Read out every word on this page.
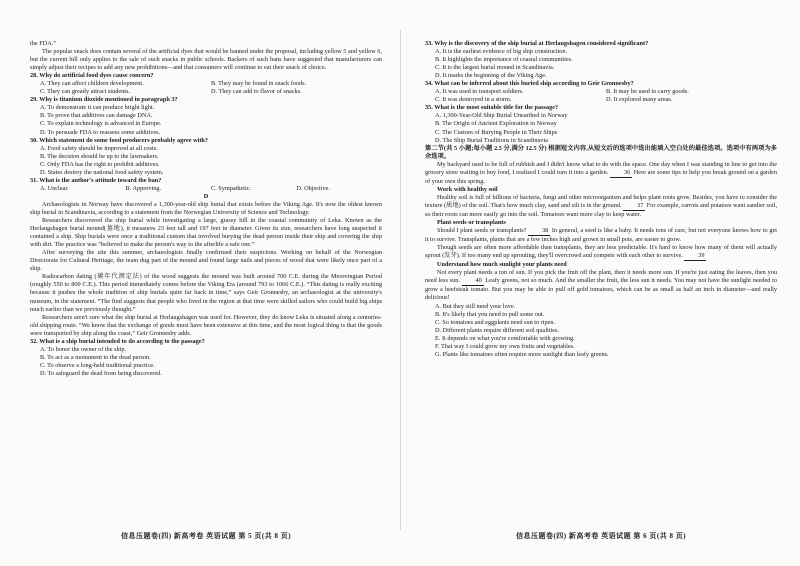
the FDA.”

The popular snack does contain several of the artificial dyes that would be banned under the proposal, including yellow 5 and yellow 6, but the current bill only applies to the sale of such snacks in public schools. Backers of such bans have suggested that manufacturers can simply adjust their recipes to add any new prohibitions—and that consumers will continue to eat their snack of choice.

28. Why do artificial food dyes cause concern?

A. They can affect children development.	B. They may be found in snack foods.
C. They can greatly attract students.	D. They can add to flavor of snacks.

29. Why is titanium dioxide mentioned in paragraph 3?

A. To demonstrate it can produce bright light.

B. To prove that additives can damage DNA.

C. To explain technology is advanced in Europe.

D. To persuade FDA to reassess some additives.

30. Which statement do some food producers probably agree with?

A. Food safety should be improved at all costs.

B. The decision should be up to the lawmakers.

C. Only FDA has the right to prohibit additives.

D. States destroy the national food safety system.

31. What is the author's attitude toward the ban?

A. Unclear.	B. Approving.	C. Sympathetic.	D. Objective.

D

Archaeologists in Norway have discovered a 1,300-year-old ship burial that exists before the Viking Age. It's now the oldest known ship burial in Scandinavia, according to a statement from the Norwegian University of Science and Technology.

Researchers discovered the ship burial while investigating a large, grassy hill in the coastal community of Leka. Known as the Herlaugshagen burial mound(墓地), it measures 23 feet tall and 197 feet in diameter. Given its size, researchers have long suspected it contained a ship. Ship burials were once a traditional custom that involved burying the dead person inside their ship and covering the ship with dirt. The practice was “believed to make the person's way to the afterlife a safe one.”

After surveying the site this summer, archaeologists finally confirmed their suspicions. Working on behalf of the Norwegian Directorate for Cultural Heritage, the team dug part of the mound and found large nails and pieces of wood that were likely once part of a ship.

Radiocarbon dating (碳年代测定法) of the wood suggests the mound was built around 700 C.E. during the Merovingian Period (roughly 550 to 800 C.E.). This period immediately comes before the Viking Era (around 793 to 1066 C.E.). “This dating is really exciting because it pushes the whole tradition of ship burials quite far back in time,” says Geir Gronnesby, an archaeologist at the university's museum, in the statement. “The find suggests that people who lived in the region at that time were skilled sailors who could build big ships much earlier than we previously thought.”

Researchers aren't sure what the ship burial at Herlaugshagen was used for. However, they do know Leka is situated along a centuries-old shipping route. “We know that the exchange of goods must have been extensive at this time, and the most logical thing is that the goods were transported by ship along the coast,” Geir Gronnesby adds.

32. What is a ship burial intended to do according to the passage?

A. To honor the owner of the ship.

B. To act as a monument to the dead person.

C. To observe a long-held traditional practice.

D. To safeguard the dead from being discovered.

33. Why is the discovery of the ship burial at Herlaugshagen considered significant?

A. It is the earliest evidence of big ship construction.

B. It highlights the importance of coastal communities.

C. It is the largest burial mound in Scandinavia.

D. It marks the beginning of the Viking Age.

34. What can be inferred about this buried ship according to Geir Gronnesby?

A. It was used to transport soldiers.	B. It may be used to carry goods.
C. It was destroyed in a storm.	D. It explored many areas.

35. What is the most suitable title for the passage?

A. 1,300-Year-Old Ship Burial Unearthed in Norway

B. The Origin of Ancient Exploration in Norway

C. The Custom of Burying People in Their Ships

D. The Ship Burial Traditions in Scandinavia

第二节(共 5 小题;每小题 2.5 分,满分 12.5 分) 根据短文内容,从短文后的选项中选出能填入空白处的最佳选项。选项中有两项为多余选项。

My backyard used to be full of rubbish and I didn't know what to do with the space. One day when I was standing in line to get into the grocery store waiting to buy food, I realized I could turn it into a garden. 36 Here are some tips to help you break ground on a garden of your own this spring.

Work with healthy soil

Healthy soil is full of billions of bacteria, fungi and other microorganism and helps plant roots grow. Besides, you have to consider the texture (质地) of the soil. That's how much clay, sand and silt is in the ground. 37 For example, carrots and potatoes want sandier soil, so their roots can more easily go into the soil. Tomatoes want more clay to keep water.

Plant seeds or transplants

Should I plant seeds or transplants? 38 In general, a seed is like a baby. It needs tons of care, but not everyone knows how to get it to survive. Transplants, plants that are a few inches high and grown in small pots, are easier to grow.

Though seeds are often more affordable than transplants, they are less predictable. It's hard to know how many of them will actually sprout (发芽). If too many end up sprouting, they'll overcrowd and compete with each other to survive. 39

Understand how much sunlight your plants need

Not every plant needs a ton of sun. If you pick the fruit off the plant, then it needs more sun. If you're just eating the leaves, then you need less sun. 40 Leafy greens, not so much. And the smaller the fruit, the less sun it needs. You may not have the sunlight needed to grow a beefsteak tomato. But you may be able to pull off gold tomatoes, which can be as small as half an inch in diameter—and really delicious!

A. But they still need your love.

B. It's likely that you need to pull some out.

C. So tomatoes and eggplants need sun to ripen.

D. Different plants require different soil qualities.

E. It depends on what you're comfortable with growing.

F. That way I could grow my own fruits and vegetables.

G. Plants like tomatoes often require more sunlight than leafy greens.

信息压题卷(四) 新高考卷 英语试题 第 5 页(共 8 页)	信息压题卷(四) 新高考卷 英语试题 第 6 页(共 8 页)
